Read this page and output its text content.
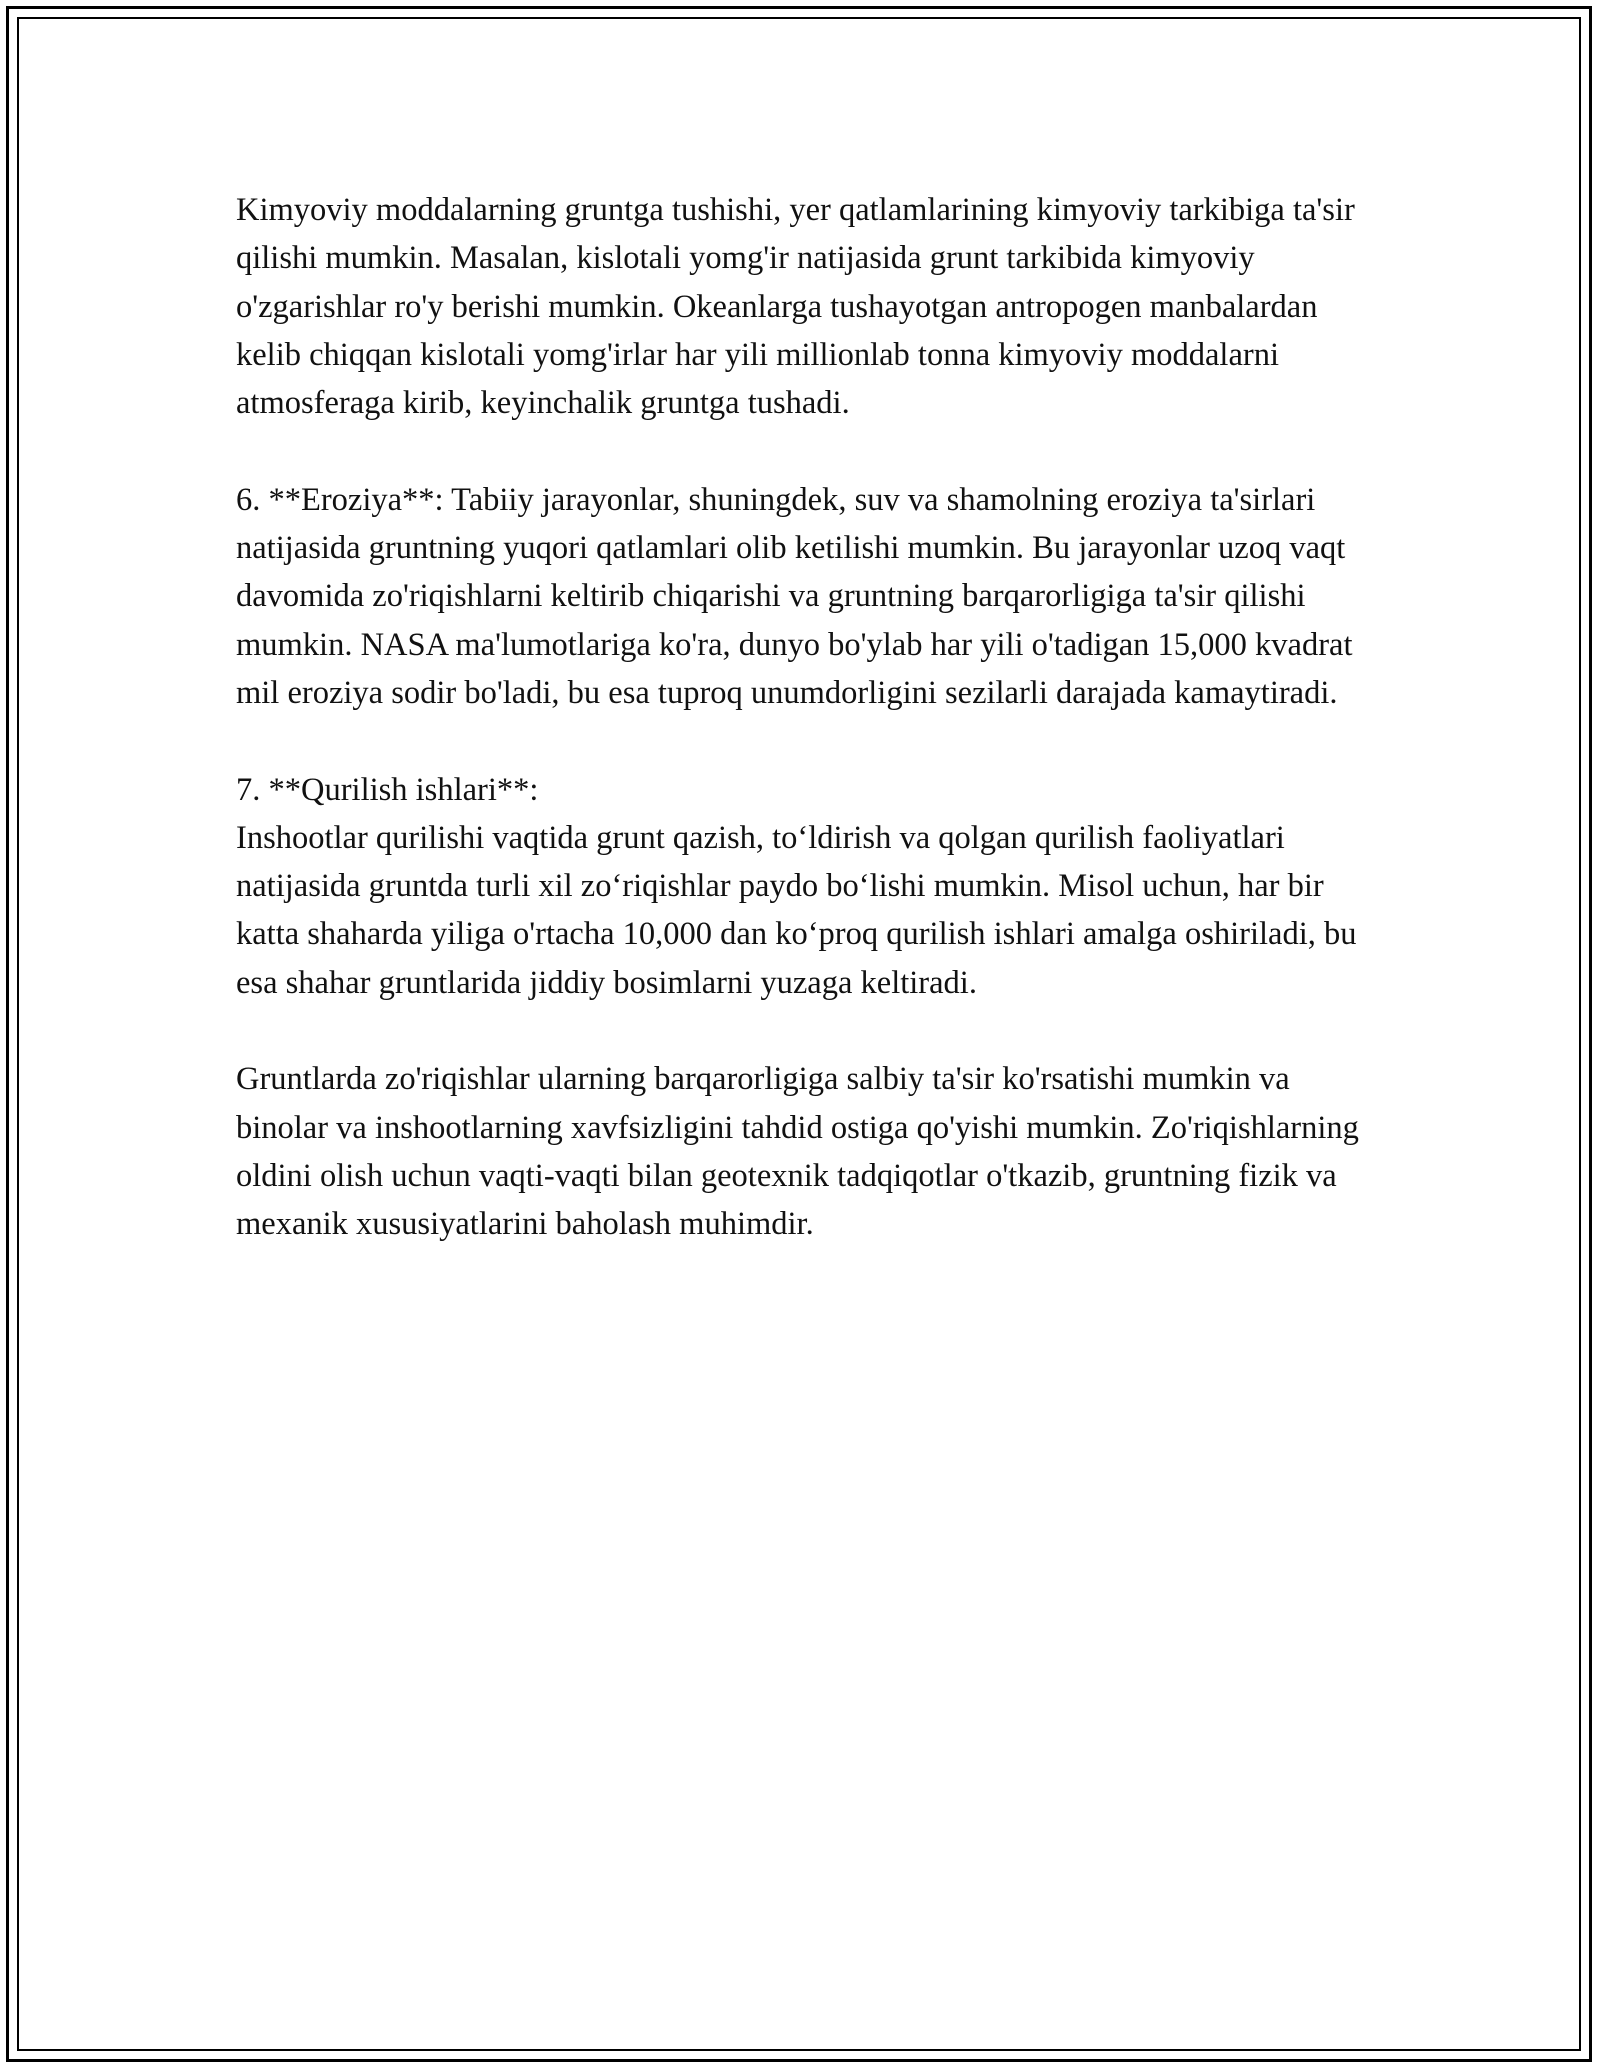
Kimyoviy moddalarning gruntga tushishi, yer qatlamlarining kimyoviy tarkibiga ta'sir qilishi mumkin. Masalan, kislotali yomg'ir natijasida grunt tarkibida kimyoviy o'zgarishlar ro'y berishi mumkin. Okeanlarga tushayotgan antropogen manbalardan kelib chiqqan kislotali yomg'irlar har yili millionlab tonna kimyoviy moddalarni atmosferaga kirib, keyinchalik gruntga tushadi.

6. **Eroziya**: Tabiiy jarayonlar, shuningdek, suv va shamolning eroziya ta'sirlari natijasida gruntning yuqori qatlamlari olib ketilishi mumkin. Bu jarayonlar uzoq vaqt davomida zo'riqishlarni keltirib chiqarishi va gruntning barqarorligiga ta'sir qilishi mumkin. NASA ma'lumotlariga ko'ra, dunyo bo'ylab har yili o'tadigan 15,000 kvadrat mil eroziya sodir bo'ladi, bu esa tuproq unumdorligini sezilarli darajada kamaytiradi.

7. **Qurilish ishlari**:
Inshootlar qurilishi vaqtida grunt qazish, to‘ldirish va qolgan qurilish faoliyatlari natijasida gruntda turli xil zo‘riqishlar paydo bo‘lishi mumkin. Misol uchun, har bir katta shaharda yiliga o'rtacha 10,000 dan ko‘proq qurilish ishlari amalga oshiriladi, bu esa shahar gruntlarida jiddiy bosimlarni yuzaga keltiradi.

Gruntlarda zo'riqishlar ularning barqarorligiga salbiy ta'sir ko'rsatishi mumkin va binolar va inshootlarning xavfsizligini tahdid ostiga qo'yishi mumkin. Zo'riqishlarning oldini olish uchun vaqti-vaqti bilan geotexnik tadqiqotlar o'tkazib, gruntning fizik va mexanik xususiyatlarini baholash muhimdir.
